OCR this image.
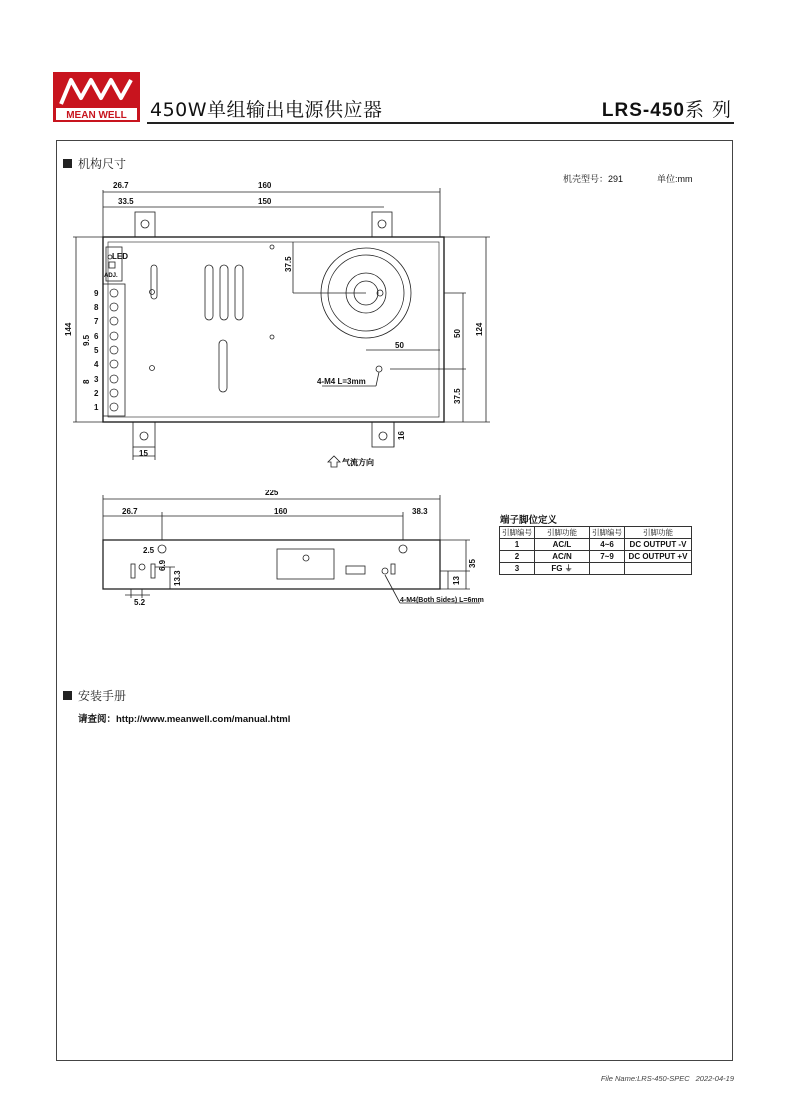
MEAN WELL 450W单组输出电源供应器	LRS-450系 列
机构尺寸
机壳型号：291	单位:mm
LED
ADJ.
9
8
7
6
5
4
3
2
1
26.7	160
33.5	150
37.5
144	124
50
50
37.5
15
16
9.5
8	4-M4 L=3mm
气流方向
225
26.7	160	38.3
2.5
6.9
13.3
5.2
35
13
4-M4(Both Sides) L=6mm
端子脚位定义
引脚编号	引脚功能	引脚编号	引脚功能
1	AC/L	4~6	DC OUTPUT -V
2	AC/N	7~9	DC OUTPUT +V
3	FG ⏚		
安装手册
请查阅：http://www.meanwell.com/manual.html
File Name:LRS-450-SPEC 2022-04-19
